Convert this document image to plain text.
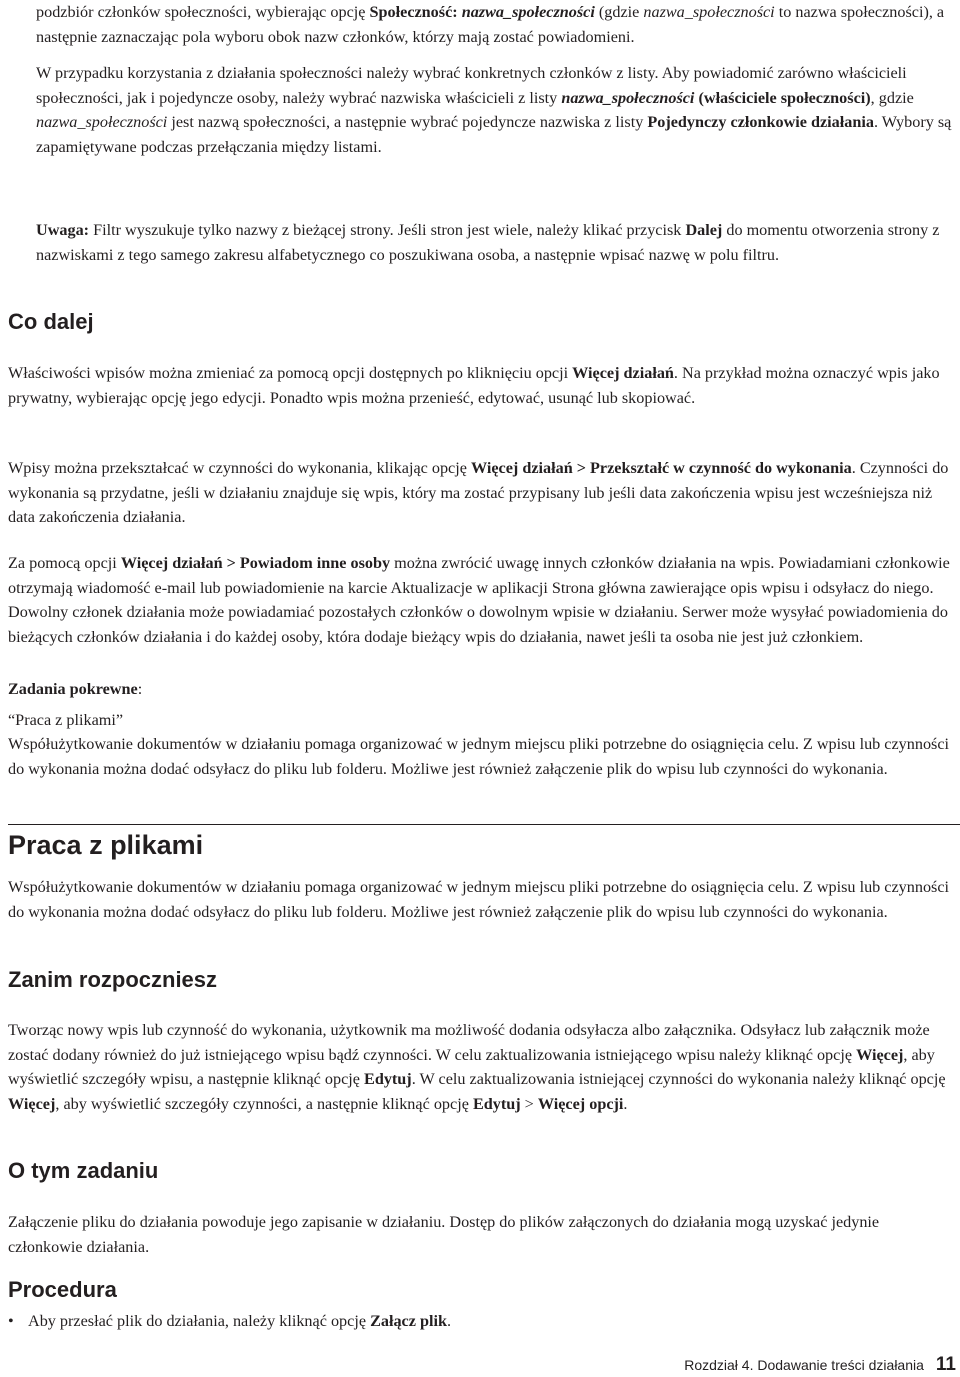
podzbiór członków społeczności, wybierając opcję Społeczność: nazwa_społeczności (gdzie nazwa_społeczności to nazwa społeczności), a następnie zaznaczając pola wyboru obok nazw członków, którzy mają zostać powiadomieni.

W przypadku korzystania z działania społeczności należy wybrać konkretnych członków z listy. Aby powiadomić zarówno właścicieli społeczności, jak i pojedyncze osoby, należy wybrać nazwiska właścicieli z listy nazwa_społeczności (właściciele społeczności), gdzie nazwa_społeczności jest nazwą społeczności, a następnie wybrać pojedyncze nazwiska z listy Pojedynczy członkowie działania. Wybory są zapamiętywane podczas przełączania między listami.

Uwaga: Filtr wyszukuje tylko nazwy z bieżącej strony. Jeśli stron jest wiele, należy klikać przycisk Dalej do momentu otworzenia strony z nazwiskami z tego samego zakresu alfabetycznego co poszukiwana osoba, a następnie wpisać nazwę w polu filtru.

Co dalej

Właściwości wpisów można zmieniać za pomocą opcji dostępnych po kliknięciu opcji Więcej działań. Na przykład można oznaczyć wpis jako prywatny, wybierając opcję jego edycji. Ponadto wpis można przenieść, edytować, usunąć lub skopiować.

Wpisy można przekształcać w czynności do wykonania, klikając opcję Więcej działań > Przekształć w czynność do wykonania. Czynności do wykonania są przydatne, jeśli w działaniu znajduje się wpis, który ma zostać przypisany lub jeśli data zakończenia wpisu jest wcześniejsza niż data zakończenia działania.

Za pomocą opcji Więcej działań > Powiadom inne osoby można zwrócić uwagę innych członków działania na wpis. Powiadamiani członkowie otrzymają wiadomość e-mail lub powiadomienie na karcie Aktualizacje w aplikacji Strona główna zawierające opis wpisu i odsyłacz do niego. Dowolny członek działania może powiadamiać pozostałych członków o dowolnym wpisie w działaniu. Serwer może wysyłać powiadomienia do bieżących członków działania i do każdej osoby, która dodaje bieżący wpis do działania, nawet jeśli ta osoba nie jest już członkiem.

Zadania pokrewne:

“Praca z plikami”
Współużytkowanie dokumentów w działaniu pomaga organizować w jednym miejscu pliki potrzebne do osiągnięcia celu. Z wpisu lub czynności do wykonania można dodać odsyłacz do pliku lub folderu. Możliwe jest również załączenie plik do wpisu lub czynności do wykonania.
Praca z plikami
Współużytkowanie dokumentów w działaniu pomaga organizować w jednym miejscu pliki potrzebne do osiągnięcia celu. Z wpisu lub czynności do wykonania można dodać odsyłacz do pliku lub folderu. Możliwe jest również załączenie plik do wpisu lub czynności do wykonania.
Zanim rozpoczniesz

Tworząc nowy wpis lub czynność do wykonania, użytkownik ma możliwość dodania odsyłacza albo załącznika. Odsyłacz lub załącznik może zostać dodany również do już istniejącego wpisu bądź czynności. W celu zaktualizowania istniejącego wpisu należy kliknąć opcję Więcej, aby wyświetlić szczegóły wpisu, a następnie kliknąć opcję Edytuj. W celu zaktualizowania istniejącej czynności do wykonania należy kliknąć opcję Więcej, aby wyświetlić szczegóły czynności, a następnie kliknąć opcję Edytuj > Więcej opcji.

O tym zadaniu
Załączenie pliku do działania powoduje jego zapisanie w działaniu. Dostęp do plików załączonych do działania mogą uzyskać jedynie członkowie działania.
Procedura
• Aby przesłać plik do działania, należy kliknąć opcję Załącz plik.
Rozdział 4. Dodawanie treści działania 11
